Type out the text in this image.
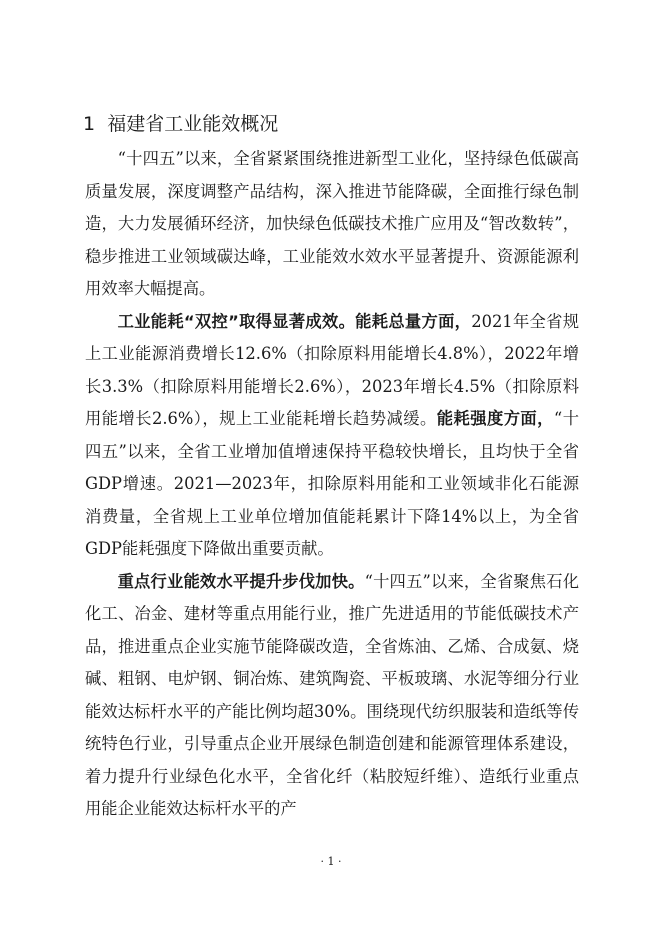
1 福建省工业能效概况

“十四五”以来，全省紧紧围绕推进新型工业化，坚持绿色低碳高质量发展，深度调整产品结构，深入推进节能降碳，全面推行绿色制造，大力发展循环经济，加快绿色低碳技术推广应用及“智改数转”，稳步推进工业领域碳达峰，工业能效水效水平显著提升、资源能源利用效率大幅提高。

工业能耗“双控”取得显著成效。能耗总量方面，2021年全省规上工业能源消费增长12.6%（扣除原料用能增长4.8%），2022年增长3.3%（扣除原料用能增长2.6%），2023年增长4.5%（扣除原料用能增长2.6%），规上工业能耗增长趋势减缓。能耗强度方面，“十四五”以来，全省工业增加值增速保持平稳较快增长，且均快于全省GDP增速。2021—2023年，扣除原料用能和工业领域非化石能源消费量，全省规上工业单位增加值能耗累计下降14%以上，为全省GDP能耗强度下降做出重要贡献。

重点行业能效水平提升步伐加快。“十四五”以来，全省聚焦石化化工、冶金、建材等重点用能行业，推广先进适用的节能低碳技术产品，推进重点企业实施节能降碳改造，全省炼油、乙烯、合成氨、烧碱、粗钢、电炉钢、铜冶炼、建筑陶瓷、平板玻璃、水泥等细分行业能效达标杆水平的产能比例均超30%。围绕现代纺织服装和造纸等传统特色行业，引导重点企业开展绿色制造创建和能源管理体系建设，着力提升行业绿色化水平，全省化纤（粘胶短纤维）、造纸行业重点用能企业能效达标杆水平的产

· 1 ·
